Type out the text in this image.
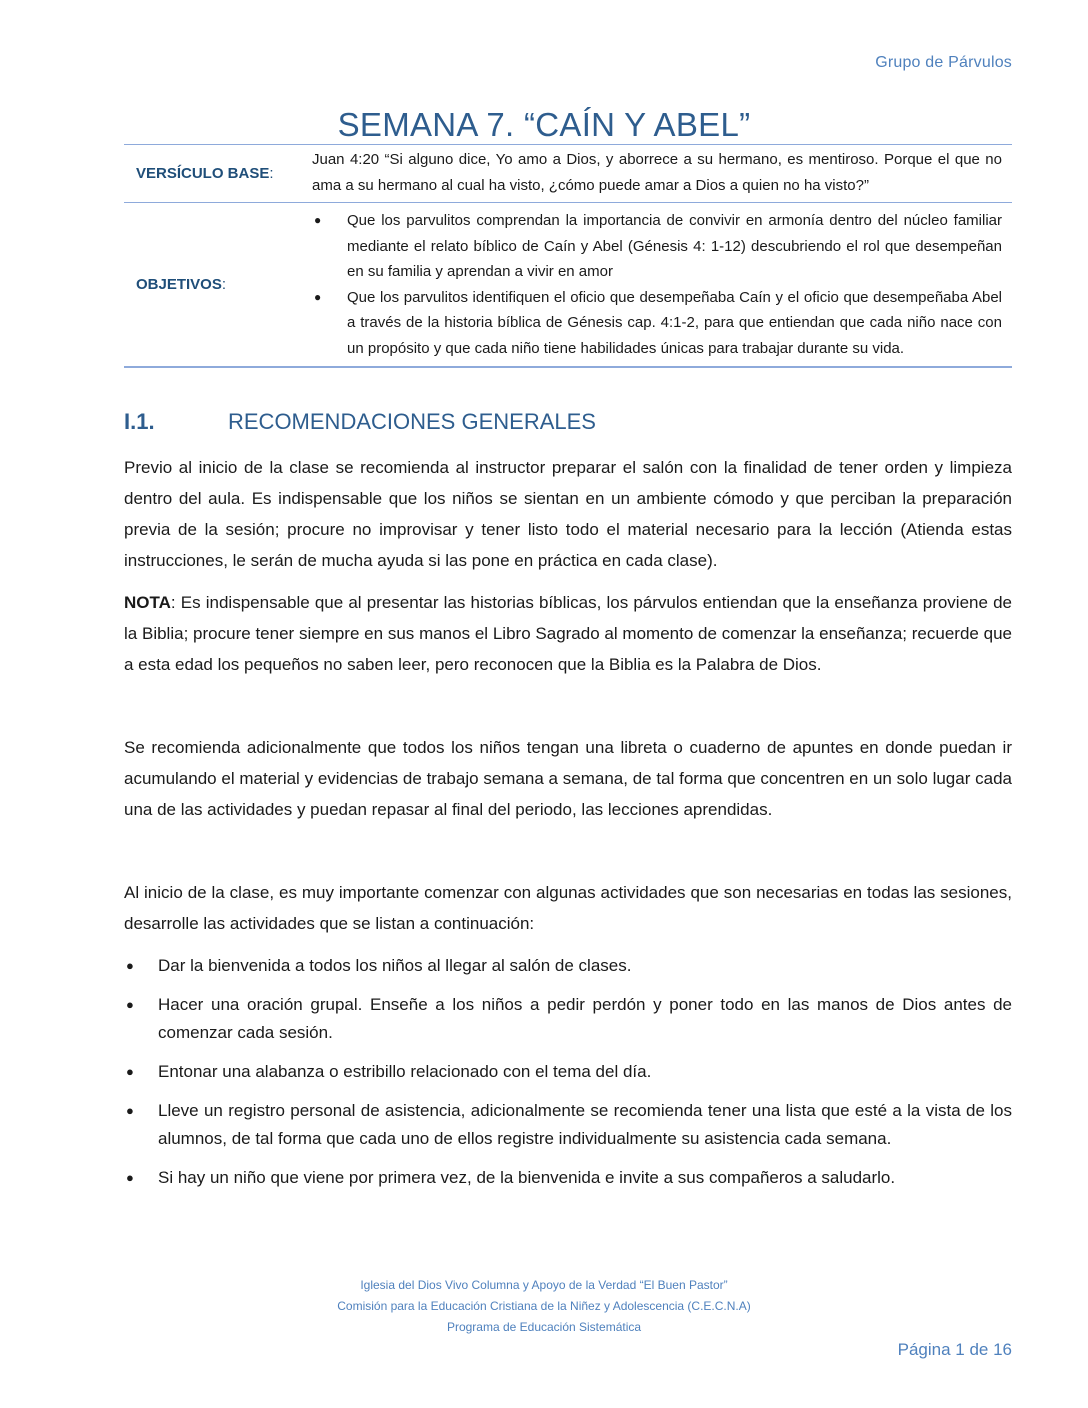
Grupo de Párvulos
SEMANA 7. “CAÍN Y ABEL”
VERSÍCULO BASE:
Juan 4:20 “Si alguno dice, Yo amo a Dios, y aborrece a su hermano, es mentiroso. Porque el que no ama a su hermano al cual ha visto, ¿cómo puede amar a Dios a quien no ha visto?”
OBJETIVOS:
● Que los parvulitos comprendan la importancia de convivir en armonía dentro del núcleo familiar mediante el relato bíblico de Caín y Abel (Génesis 4: 1-12) descubriendo el rol que desempeñan en su familia y aprendan a vivir en amor
● Que los parvulitos identifiquen el oficio que desempeñaba Caín y el oficio que desempeñaba Abel a través de la historia bíblica de Génesis cap. 4:1-2, para que entiendan que cada niño nace con un propósito y que cada niño tiene habilidades únicas para trabajar durante su vida.
I.1.	RECOMENDACIONES GENERALES

Previo al inicio de la clase se recomienda al instructor preparar el salón con la finalidad de tener orden y limpieza dentro del aula. Es indispensable que los niños se sientan en un ambiente cómodo y que perciban la preparación previa de la sesión; procure no improvisar y tener listo todo el material necesario para la lección (Atienda estas instrucciones, le serán de mucha ayuda si las pone en práctica en cada clase).

NOTA: Es indispensable que al presentar las historias bíblicas, los párvulos entiendan que la enseñanza proviene de la Biblia; procure tener siempre en sus manos el Libro Sagrado al momento de comenzar la enseñanza; recuerde que a esta edad los pequeños no saben leer, pero reconocen que la Biblia es la Palabra de Dios.

Se recomienda adicionalmente que todos los niños tengan una libreta o cuaderno de apuntes en donde puedan ir acumulando el material y evidencias de trabajo semana a semana, de tal forma que concentren en un solo lugar cada una de las actividades y puedan repasar al final del periodo, las lecciones aprendidas.

Al inicio de la clase, es muy importante comenzar con algunas actividades que son necesarias en todas las sesiones, desarrolle las actividades que se listan a continuación:

● Dar la bienvenida a todos los niños al llegar al salón de clases.
● Hacer una oración grupal. Enseñe a los niños a pedir perdón y poner todo en las manos de Dios antes de comenzar cada sesión.
● Entonar una alabanza o estribillo relacionado con el tema del día.
● Lleve un registro personal de asistencia, adicionalmente se recomienda tener una lista que esté a la vista de los alumnos, de tal forma que cada uno de ellos registre individualmente su asistencia cada semana.
● Si hay un niño que viene por primera vez, de la bienvenida e invite a sus compañeros a saludarlo.
Iglesia del Dios Vivo Columna y Apoyo de la Verdad “El Buen Pastor”
Comisión para la Educación Cristiana de la Niñez y Adolescencia (C.E.C.N.A)
Programa de Educación Sistemática
Página 1 de 16
